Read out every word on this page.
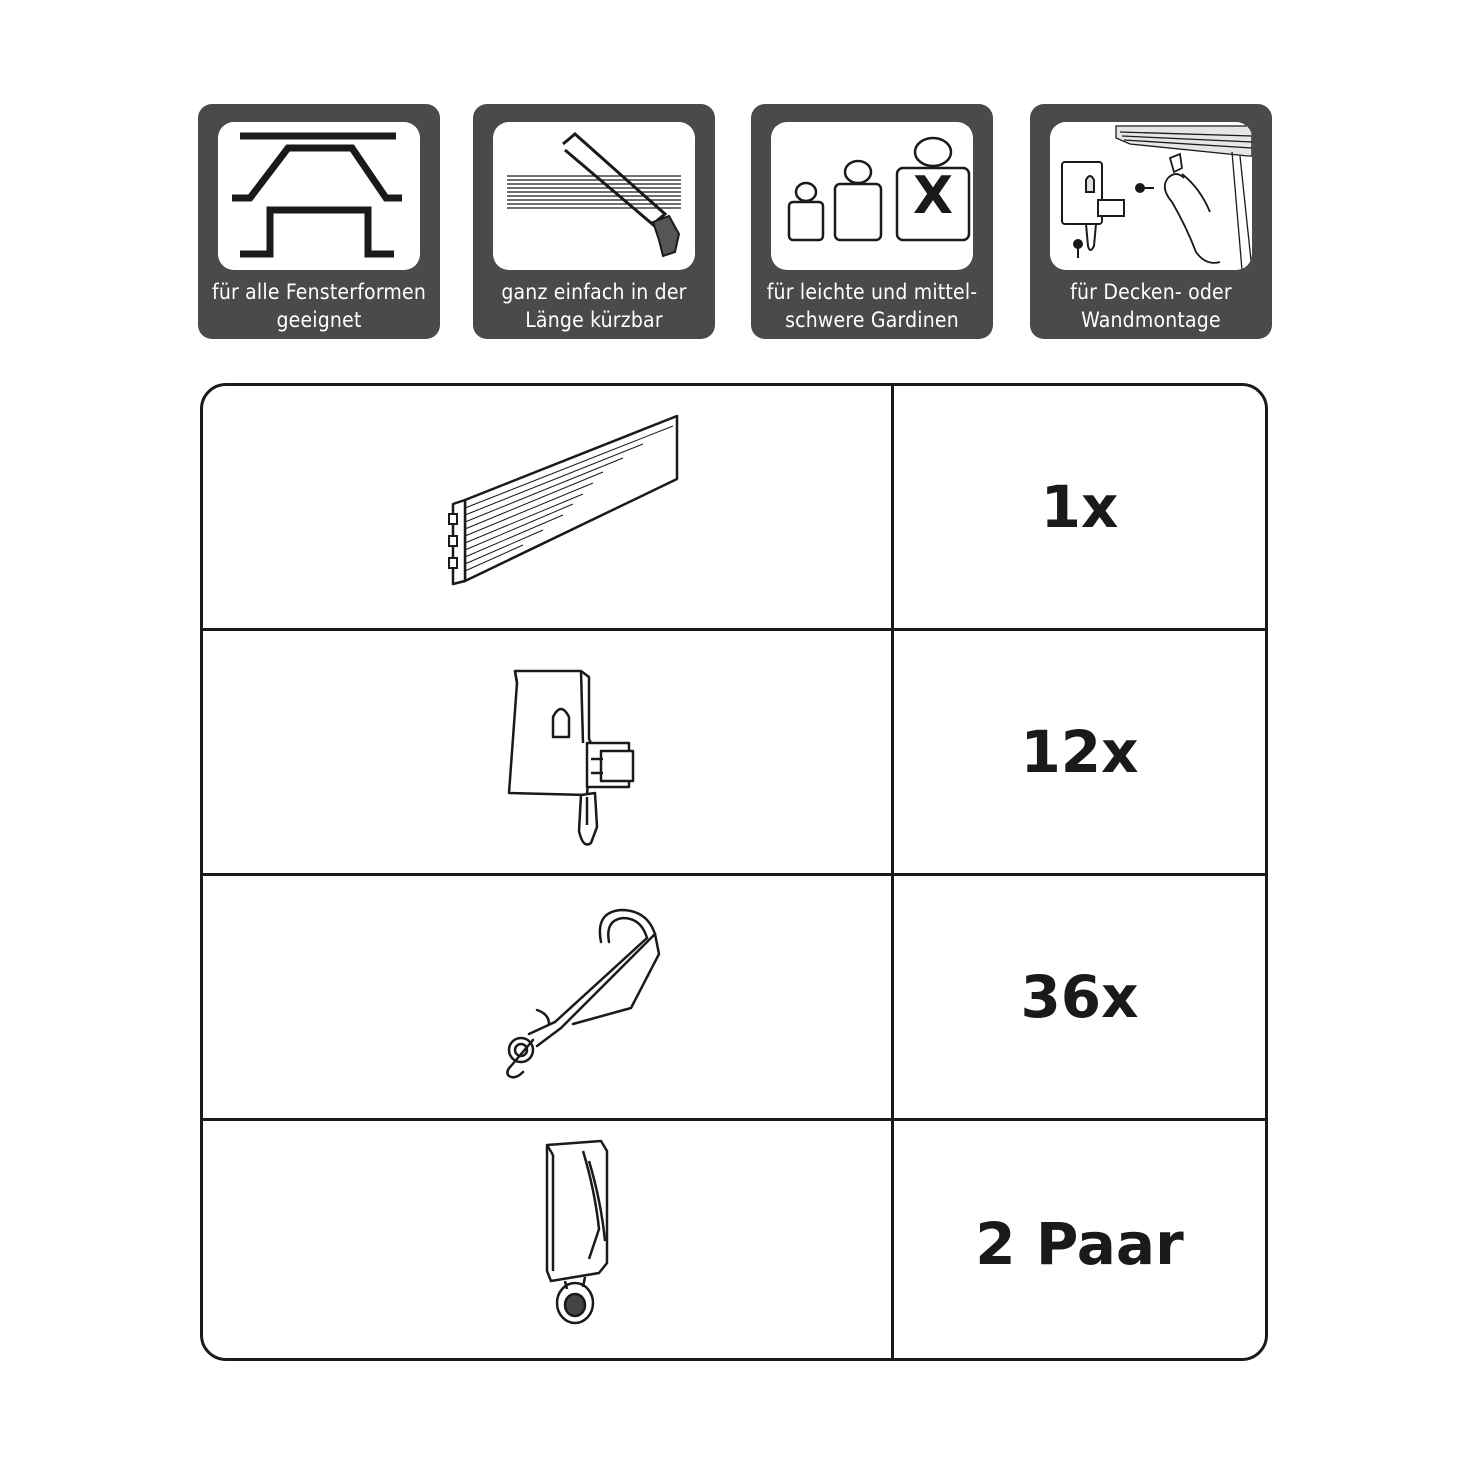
für alle Fensterformen
geeignet
ganz einfach in der
Länge kürzbar
X
für leichte und mittel-
schwere Gardinen
für Decken- oder
Wandmontage
1x
12x
36x
2 Paar
